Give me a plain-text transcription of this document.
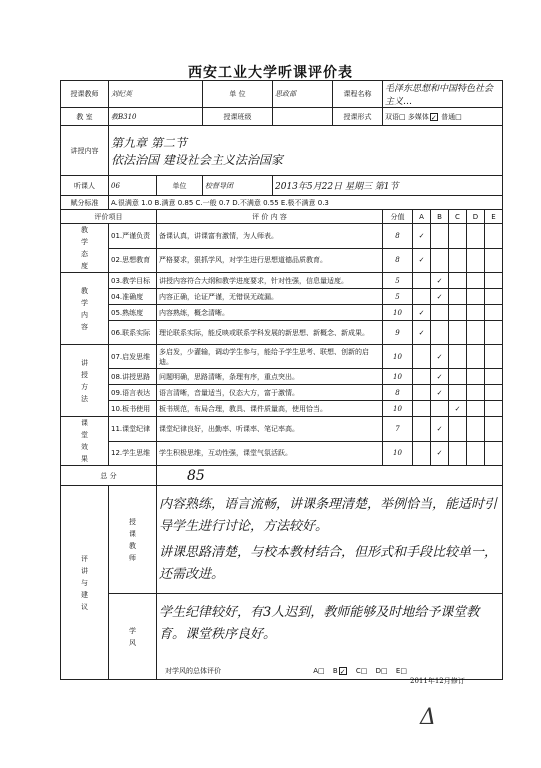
西安工业大学听课评价表
授课教师	刘纪英		单 位	思政部	课程名称	毛泽东思想和中国特色社会主义…					
教 室	教B310		授课班级		授课形式	双语□ 多媒体 ✓ 普通□					
讲授内容	第九章 第二节
依法治国 建设社会主义法治国家										

听课人	06	单位	校督导团	2013年5月22日 星期三 第1节							
赋分标准	A.很满意 1.0 B.满意 0.85 C.一般 0.7 D.不满意 0.55 E.极不满意 0.3										
评价项目		评 价 内 容				分值	A	B	C	D	E

教学态度	01.严谨负责	备课认真，讲课富有激情，为人师表。				8	✓				
	02.思想教育	严格要求，狠抓学风，对学生进行思想道德品质教育。				8	✓				

教学内容	03.教学目标	讲授内容符合大纲和教学进度要求，针对性强，信息量适度。				5		✓			
	04.准确度	内容正确，论证严谨，无错误无疏漏。				5		✓			
	05.熟练度	内容熟练，概念清晰。				10	✓				
	06.联系实际	理论联系实际，能反映或联系学科发展的新思想、新概念、新成果。				9	✓				

讲授方法	07.启发思维	多启发，少灌输，调动学生参与，能给予学生思考、联想、创新的启迪。				10		✓			
	08.讲授思路	问题明确，思路清晰，条理有序，重点突出。				10		✓			
	09.语言表达	语言清晰，音量适当，仪态大方，富于激情。				8		✓			
	10.板书使用	板书规范，布局合理，教具、课件质量高，使用恰当。				10			✓		

课堂效果	11.课堂纪律	课堂纪律良好，出勤率、听课率、笔记率高。				7		✓			
	12.学生思维	学生积极思维，互动性强，课堂气氛活跃。				10		✓			
总 分		85									

评讲与建议	授课教师	内容熟练，语言流畅，讲课条理清楚，举例恰当，能适时引导学生进行讨论，方法较好。
讲课思路清楚，与校本教材结合，但形式和手段比较单一，还需改进。									

	学风	学生纪律较好，有3人迟到，教师能够及时地给予课堂教育。课堂秩序良好。
对学风的总体评价 A□ B ✓ C□ D□ E□									
2011年12月修订
Δ
